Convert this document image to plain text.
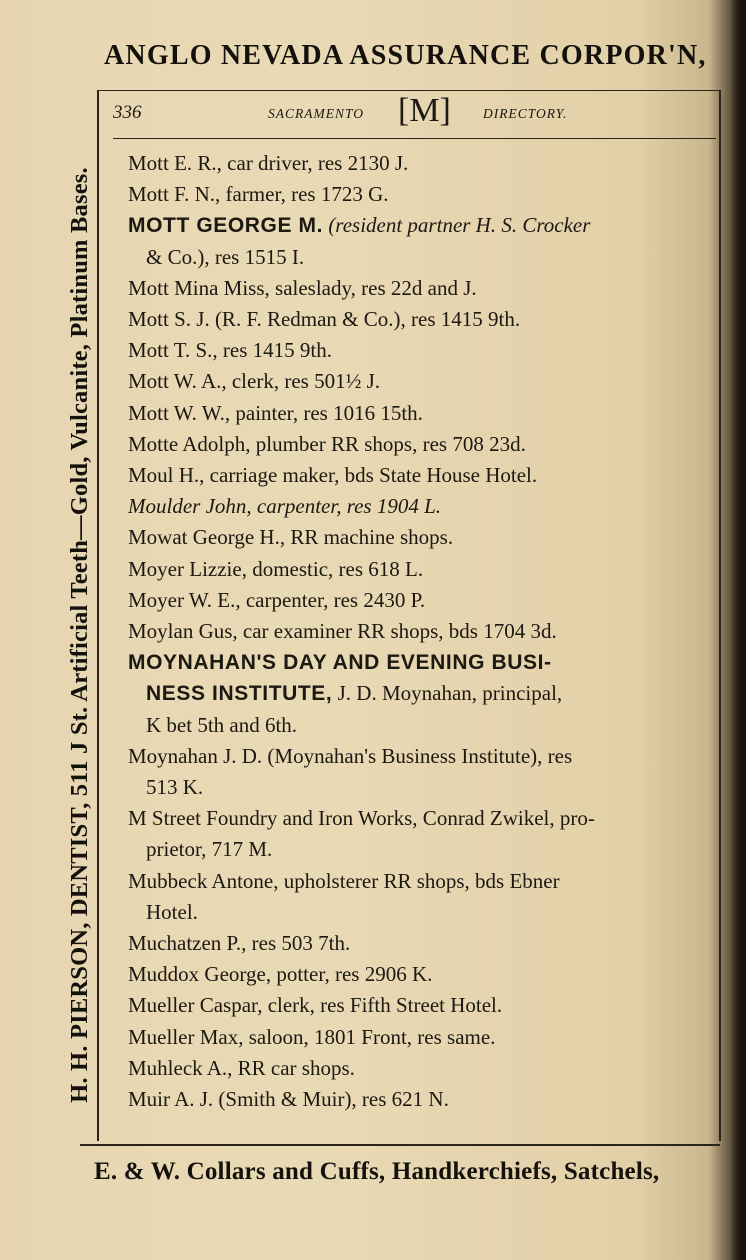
ANGLO NEVADA ASSURANCE CORPOR'N,
H. H. PIERSON, DENTIST, 511 J St. Artificial Teeth—Gold, Vulcanite, Platinum Bases.
336	SACRAMENTO [M] DIRECTORY.
Mott E. R., car driver, res 2130 J.
Mott F. N., farmer, res 1723 G.
MOTT GEORGE M. (resident partner H. S. Crocker
& Co.), res 1515 I.
Mott Mina Miss, saleslady, res 22d and J.
Mott S. J. (R. F. Redman & Co.), res 1415 9th.
Mott T. S., res 1415 9th.
Mott W. A., clerk, res 501½ J.
Mott W. W., painter, res 1016 15th.
Motte Adolph, plumber RR shops, res 708 23d.
Moul H., carriage maker, bds State House Hotel.
Moulder John, carpenter, res 1904 L.
Mowat George H., RR machine shops.
Moyer Lizzie, domestic, res 618 L.
Moyer W. E., carpenter, res 2430 P.
Moylan Gus, car examiner RR shops, bds 1704 3d.
MOYNAHAN'S DAY AND EVENING BUSI-
NESS INSTITUTE, J. D. Moynahan, principal,
K bet 5th and 6th.
Moynahan J. D. (Moynahan's Business Institute), res
513 K.
M Street Foundry and Iron Works, Conrad Zwikel, pro-
prietor, 717 M.
Mubbeck Antone, upholsterer RR shops, bds Ebner
Hotel.
Muchatzen P., res 503 7th.
Muddox George, potter, res 2906 K.
Mueller Caspar, clerk, res Fifth Street Hotel.
Mueller Max, saloon, 1801 Front, res same.
Muhleck A., RR car shops.
Muir A. J. (Smith & Muir), res 621 N.
E. & W. Collars and Cuffs, Handkerchiefs, Satchels,
